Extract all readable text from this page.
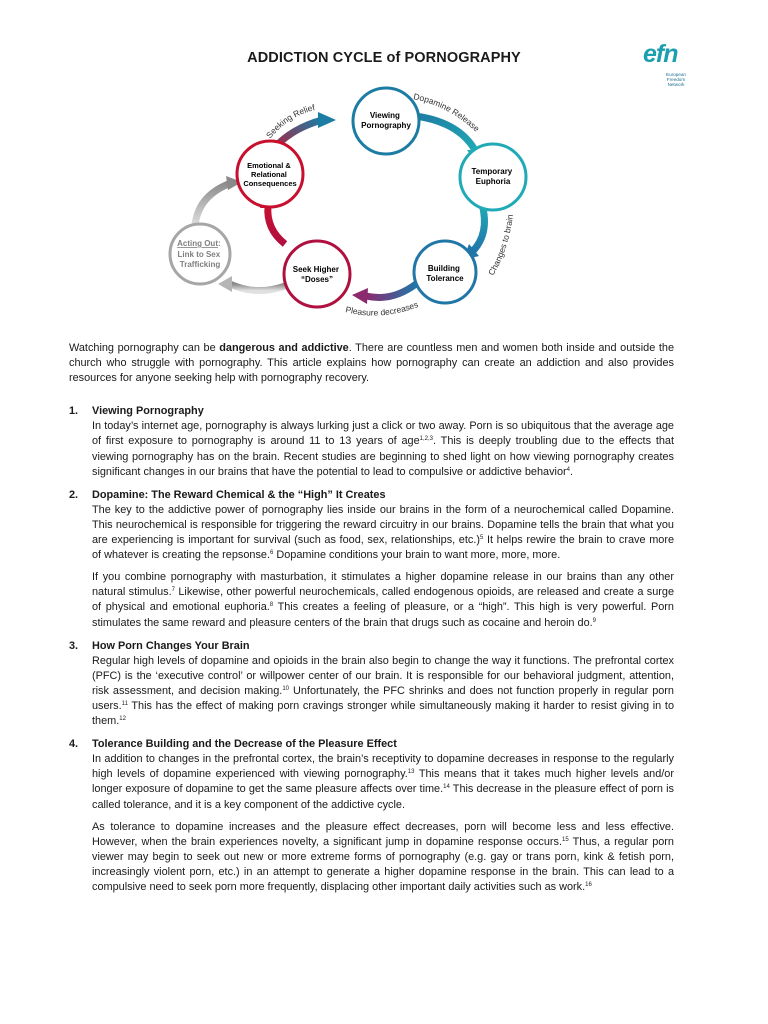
ADDICTION CYCLE of PORNOGRAPHY	efn
European
Freedom
Network
Seeking Relief
Dopamine Release
Changes to brain
Pleasure decreases
Viewing Pornography
Temporary Euphoria
Building Tolerance
Seek Higher “Doses”
Emotional & Relational Consequences
Acting Out: Link to Sex Trafficking

Watching pornography can be dangerous and addictive. There are countless men and women both inside and outside the church who struggle with pornography. This article explains how pornography can create an addiction and also provides resources for anyone seeking help with pornography recovery.

1. Viewing Pornography

In today’s internet age, pornography is always lurking just a click or two away. Porn is so ubiquitous that the average age of first exposure to pornography is around 11 to 13 years of age$^{1,2,3}$. This is deeply troubling due to the effects that viewing pornography has on the brain. Recent studies are beginning to shed light on how viewing pornography creates significant changes in our brains that have the potential to lead to compulsive or addictive behavior$^4$.

2. Dopamine: The Reward Chemical & the “High” It Creates

The key to the addictive power of pornography lies inside our brains in the form of a neurochemical called Dopamine. This neurochemical is responsible for triggering the reward circuitry in our brains. Dopamine tells the brain that what you are experiencing is important for survival (such as food, sex, relationships, etc.)$^5$ It helps rewire the brain to crave more of whatever is creating the repsonse.$^6$ Dopamine conditions your brain to want more, more, more.

If you combine pornography with masturbation, it stimulates a higher dopamine release in our brains than any other natural stimulus.$^7$ Likewise, other powerful neurochemicals, called endogenous opioids, are released and create a surge of physical and emotional euphoria.$^8$ This creates a feeling of pleasure, or a “high”. This high is very powerful. Porn stimulates the same reward and pleasure centers of the brain that drugs such as cocaine and heroin do.$^9$

3. How Porn Changes Your Brain

Regular high levels of dopamine and opioids in the brain also begin to change the way it functions. The prefrontal cortex (PFC) is the ‘executive control’ or willpower center of our brain. It is responsible for our behavioral judgment, attention, risk assessment, and decision making.$^{10}$ Unfortunately, the PFC shrinks and does not function properly in regular porn users.$^{11}$ This has the effect of making porn cravings stronger while simultaneously making it harder to resist giving in to them.$^{12}$

4. Tolerance Building and the Decrease of the Pleasure Effect

In addition to changes in the prefrontal cortex, the brain’s receptivity to dopamine decreases in response to the regularly high levels of dopamine experienced with viewing pornography.$^{13}$ This means that it takes much higher levels and/or longer exposure of dopamine to get the same pleasure affects over time.$^{14}$ This decrease in the pleasure effect of porn is called tolerance, and it is a key component of the addictive cycle.

As tolerance to dopamine increases and the pleasure effect decreases, porn will become less and less effective. However, when the brain experiences novelty, a significant jump in dopamine response occurs.$^{15}$ Thus, a regular porn viewer may begin to seek out new or more extreme forms of pornography (e.g. gay or trans porn, kink & fetish porn, increasingly violent porn, etc.) in an attempt to generate a higher dopamine response in the brain. This can lead to a compulsive need to seek porn more frequently, displacing other important daily activities such as work.$^{16}$
